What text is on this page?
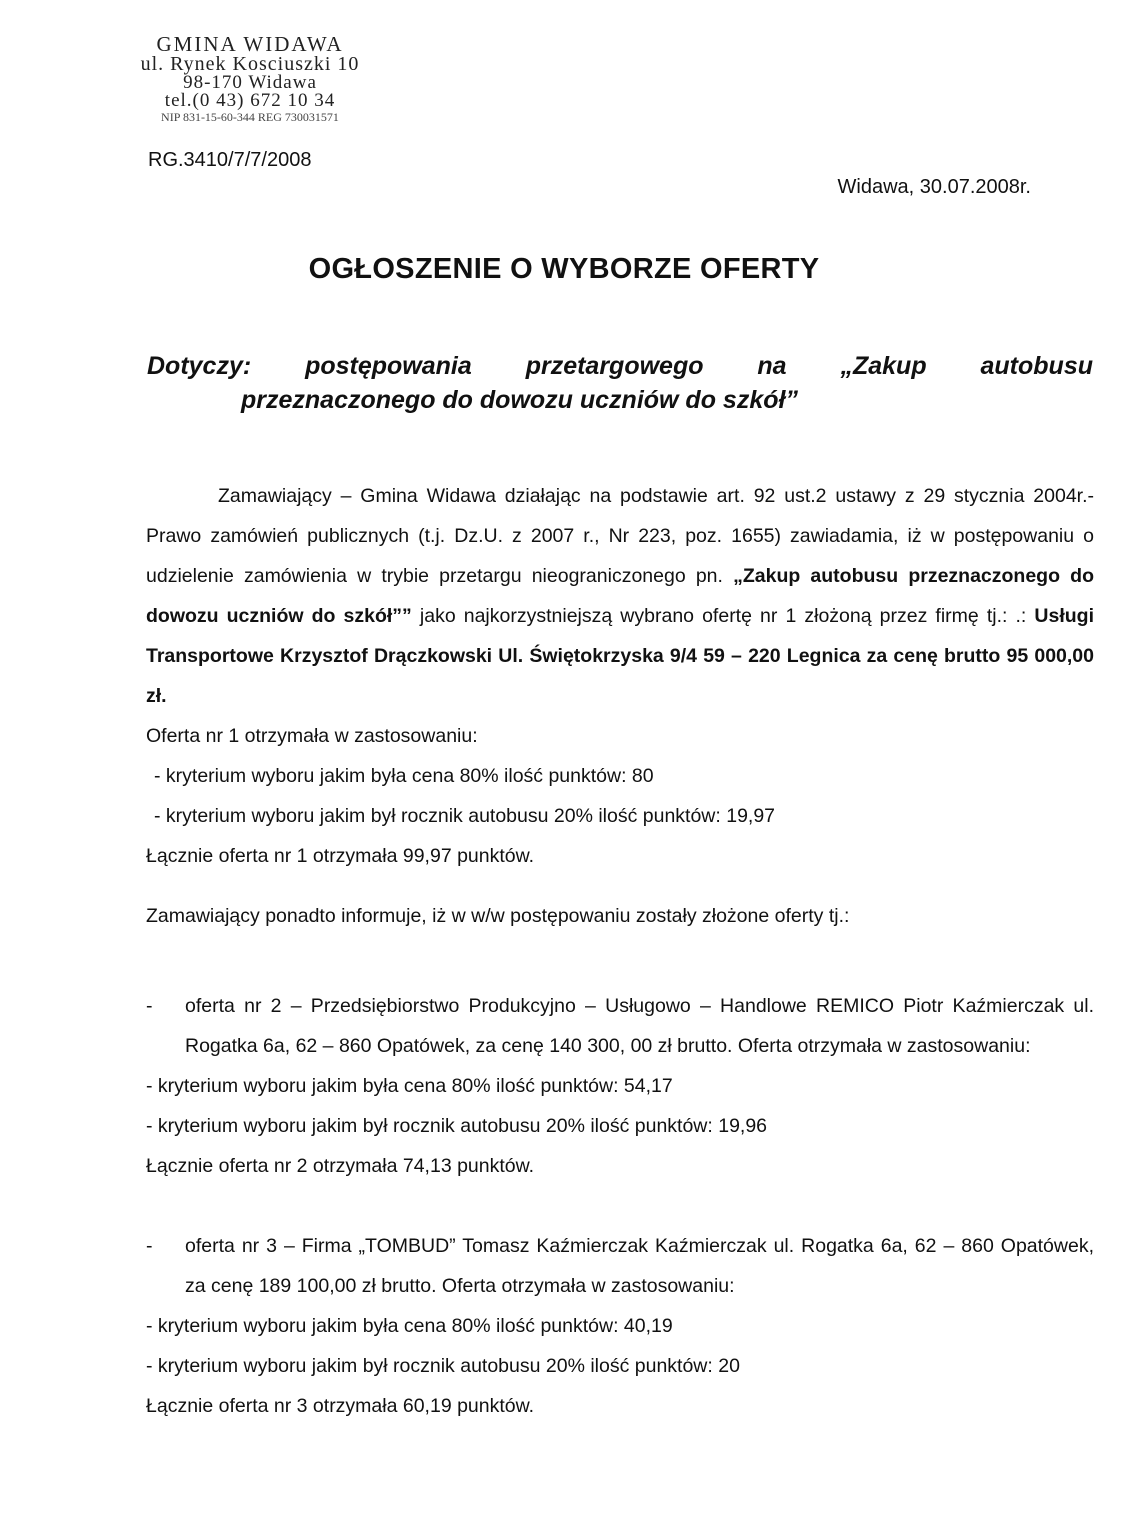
GMINA WIDAWA
ul. Rynek Kosciuszki 10
98-170 Widawa
tel.(0 43) 672 10 34
NIP 831-15-60-344 REG 730031571
RG.3410/7/7/2008
Widawa, 30.07.2008r.
OGŁOSZENIE O WYBORZE OFERTY
Dotyczy: postępowania przetargowego na „Zakup autobusu
przeznaczonego do dowozu uczniów do szkół”
Zamawiający – Gmina Widawa działając na podstawie art. 92 ust.2 ustawy z 29 stycznia 2004r.- Prawo zamówień publicznych (t.j. Dz.U. z 2007 r., Nr 223, poz. 1655) zawiadamia, iż w postępowaniu o udzielenie zamówienia w trybie przetargu nieograniczonego pn. „Zakup autobusu przeznaczonego do dowozu uczniów do szkół”” jako najkorzystniejszą wybrano ofertę nr 1 złożoną przez firmę tj.: .: Usługi Transportowe Krzysztof Drączkowski Ul. Świętokrzyska 9/4 59 – 220 Legnica za cenę brutto 95 000,00 zł.
Oferta nr 1 otrzymała w zastosowaniu:
- kryterium wyboru jakim była cena 80% ilość punktów: 80
- kryterium wyboru jakim był rocznik autobusu 20% ilość punktów: 19,97
Łącznie oferta nr 1 otrzymała 99,97 punktów.
Zamawiający ponadto informuje, iż w w/w postępowaniu zostały złożone oferty tj.:
-	oferta nr 2 – Przedsiębiorstwo Produkcyjno – Usługowo – Handlowe REMICO Piotr Kaźmierczak ul. Rogatka 6a, 62 – 860 Opatówek, za cenę 140 300, 00 zł brutto. Oferta otrzymała w zastosowaniu:
- kryterium wyboru jakim była cena 80% ilość punktów: 54,17
- kryterium wyboru jakim był rocznik autobusu 20% ilość punktów: 19,96
Łącznie oferta nr 2 otrzymała 74,13 punktów.
-	oferta nr 3 – Firma „TOMBUD” Tomasz Kaźmierczak Kaźmierczak ul. Rogatka 6a, 62 – 860 Opatówek, za cenę 189 100,00 zł brutto. Oferta otrzymała w zastosowaniu:
- kryterium wyboru jakim była cena 80% ilość punktów: 40,19
- kryterium wyboru jakim był rocznik autobusu 20% ilość punktów: 20
Łącznie oferta nr 3 otrzymała 60,19 punktów.
